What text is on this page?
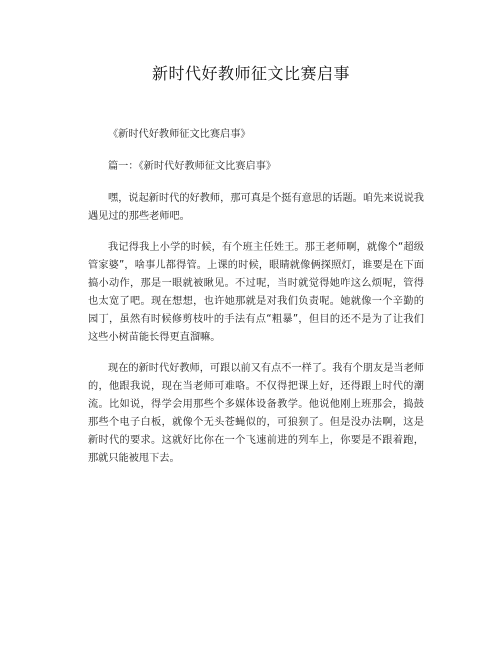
新时代好教师征文比赛启事

《新时代好教师征文比赛启事》

篇一：《新时代好教师征文比赛启事》

嘿，说起新时代的好教师，那可真是个挺有意思的话题。咱先来说说我遇见过的那些老师吧。

我记得我上小学的时候，有个班主任姓王。那王老师啊，就像个“超级管家婆”，啥事儿都得管。上课的时候，眼睛就像俩探照灯，谁要是在下面搞小动作，那是一眼就被瞅见。不过呢，当时就觉得她咋这么烦呢，管得也太宽了吧。现在想想，也许她那就是对我们负责呢。她就像一个辛勤的园丁，虽然有时候修剪枝叶的手法有点“粗暴”，但目的还不是为了让我们这些小树苗能长得更直溜嘛。

现在的新时代好教师，可跟以前又有点不一样了。我有个朋友是当老师的，他跟我说，现在当老师可难咯。不仅得把课上好，还得跟上时代的潮流。比如说，得学会用那些个多媒体设备教学。他说他刚上班那会，捣鼓那些个电子白板，就像个无头苍蝇似的，可狼狈了。但是没办法啊，这是新时代的要求。这就好比你在一个飞速前进的列车上，你要是不跟着跑，那就只能被甩下去。
